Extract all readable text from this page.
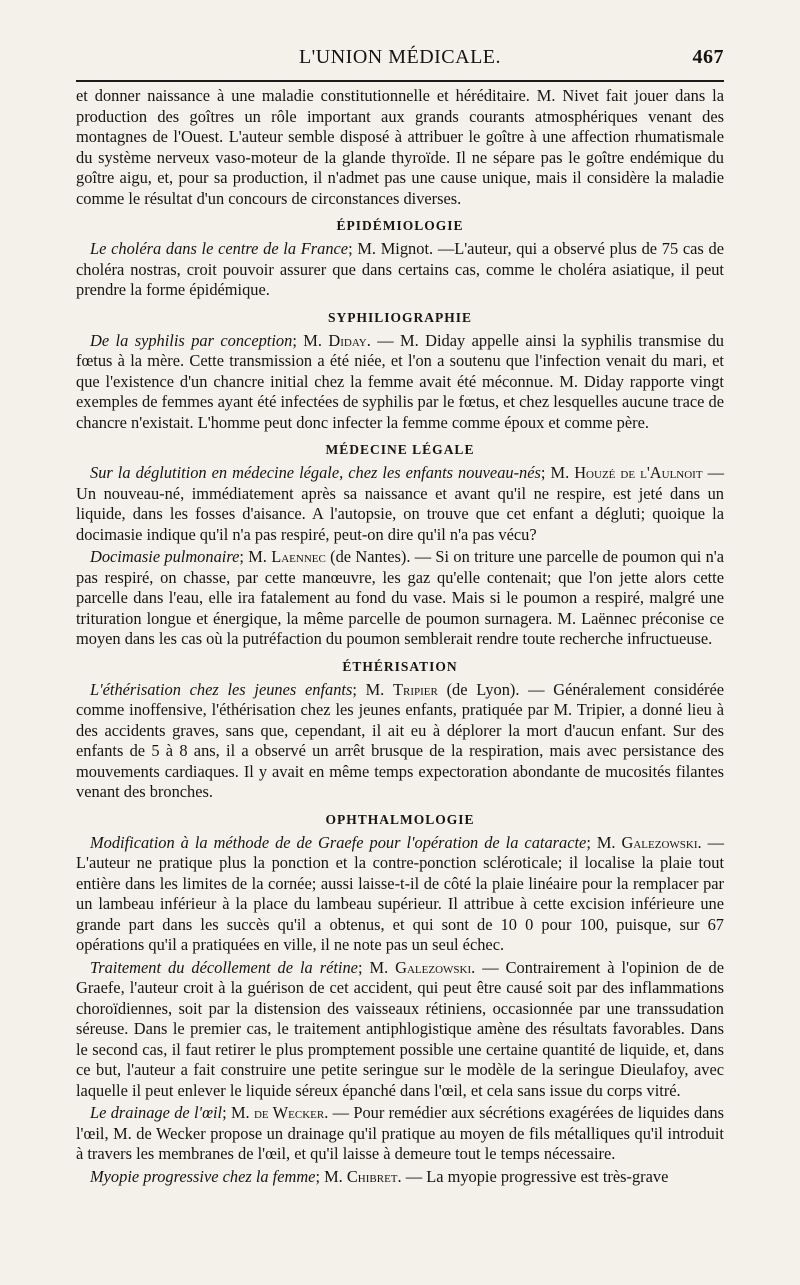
L'UNION MÉDICALE.	467

et donner naissance à une maladie constitutionnelle et héréditaire. M. Nivet fait jouer dans la production des goîtres un rôle important aux grands courants atmosphériques venant des montagnes de l'Ouest. L'auteur semble disposé à attribuer le goître à une affection rhumatismale du système nerveux vaso-moteur de la glande thyroïde. Il ne sépare pas le goître endémique du goître aigu, et, pour sa production, il n'admet pas une cause unique, mais il considère la maladie comme le résultat d'un concours de circonstances diverses.

ÉPIDÉMIOLOGIE

Le choléra dans le centre de la France; M. Mignot. —L'auteur, qui a observé plus de 75 cas de choléra nostras, croit pouvoir assurer que dans certains cas, comme le choléra asiatique, il peut prendre la forme épidémique.

SYPHILIOGRAPHIE

De la syphilis par conception; M. Diday. — M. Diday appelle ainsi la syphilis transmise du fœtus à la mère. Cette transmission a été niée, et l'on a soutenu que l'infection venait du mari, et que l'existence d'un chancre initial chez la femme avait été méconnue. M. Diday rapporte vingt exemples de femmes ayant été infectées de syphilis par le fœtus, et chez lesquelles aucune trace de chancre n'existait. L'homme peut donc infecter la femme comme époux et comme père.

MÉDECINE LÉGALE

Sur la déglutition en médecine légale, chez les enfants nouveau-nés; M. Houzé de l'Aulnoit — Un nouveau-né, immédiatement après sa naissance et avant qu'il ne respire, est jeté dans un liquide, dans les fosses d'aisance. A l'autopsie, on trouve que cet enfant a dégluti; quoique la docimasie indique qu'il n'a pas respiré, peut-on dire qu'il n'a pas vécu?

Docimasie pulmonaire; M. Laennec (de Nantes). — Si on triture une parcelle de poumon qui n'a pas respiré, on chasse, par cette manœuvre, les gaz qu'elle contenait; que l'on jette alors cette parcelle dans l'eau, elle ira fatalement au fond du vase. Mais si le poumon a respiré, malgré une trituration longue et énergique, la même parcelle de poumon surnagera. M. Laënnec préconise ce moyen dans les cas où la putréfaction du poumon semblerait rendre toute recherche infructueuse.

ÉTHÉRISATION

L'éthérisation chez les jeunes enfants; M. Tripier (de Lyon). — Généralement considérée comme inoffensive, l'éthérisation chez les jeunes enfants, pratiquée par M. Tripier, a donné lieu à des accidents graves, sans que, cependant, il ait eu à déplorer la mort d'aucun enfant. Sur des enfants de 5 à 8 ans, il a observé un arrêt brusque de la respiration, mais avec persistance des mouvements cardiaques. Il y avait en même temps expectoration abondante de mucosités filantes venant des bronches.

OPHTHALMOLOGIE

Modification à la méthode de de Graefe pour l'opération de la cataracte; M. Galezowski. — L'auteur ne pratique plus la ponction et la contre-ponction scléroticale; il localise la plaie tout entière dans les limites de la cornée; aussi laisse-t-il de côté la plaie linéaire pour la remplacer par un lambeau inférieur à la place du lambeau supérieur. Il attribue à cette excision inférieure une grande part dans les succès qu'il a obtenus, et qui sont de 10 0 pour 100, puisque, sur 67 opérations qu'il a pratiquées en ville, il ne note pas un seul échec.

Traitement du décollement de la rétine; M. Galezowski. — Contrairement à l'opinion de de Graefe, l'auteur croit à la guérison de cet accident, qui peut être causé soit par des inflammations choroïdiennes, soit par la distension des vaisseaux rétiniens, occasionnée par une transsudation séreuse. Dans le premier cas, le traitement antiphlogistique amène des résultats favorables. Dans le second cas, il faut retirer le plus promptement possible une certaine quantité de liquide, et, dans ce but, l'auteur a fait construire une petite seringue sur le modèle de la seringue Dieulafoy, avec laquelle il peut enlever le liquide séreux épanché dans l'œil, et cela sans issue du corps vitré.

Le drainage de l'œil; M. de Wecker. — Pour remédier aux sécrétions exagérées de liquides dans l'œil, M. de Wecker propose un drainage qu'il pratique au moyen de fils métalliques qu'il introduit à travers les membranes de l'œil, et qu'il laisse à demeure tout le temps nécessaire.

Myopie progressive chez la femme; M. Chibret. — La myopie progressive est très-grave
